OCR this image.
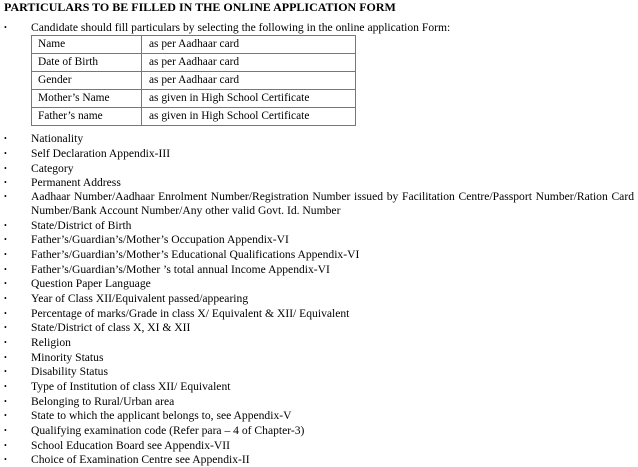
PARTICULARS TO BE FILLED IN THE ONLINE APPLICATION FORM
• Candidate should fill particulars by selecting the following in the online application Form:
Name	as per Aadhaar card
Date of Birth	as per Aadhaar card
Gender	as per Aadhaar card
Mother’s Name	as given in High School Certificate
Father’s name	as given in High School Certificate
• Nationality
• Self Declaration Appendix-III
• Category
• Permanent Address
• Aadhaar Number/Aadhaar Enrolment Number/Registration Number issued by Facilitation Centre/Passport Number/Ration Card Number/Bank Account Number/Any other valid Govt. Id. Number
• State/District of Birth
• Father’s/Guardian’s/Mother’s Occupation Appendix-VI
• Father’s/Guardian’s/Mother’s Educational Qualifications Appendix-VI
• Father’s/Guardian’s/Mother ’s total annual Income Appendix-VI
• Question Paper Language
• Year of Class XII/Equivalent passed/appearing
• Percentage of marks/Grade in class X/ Equivalent & XII/ Equivalent
• State/District of class X, XI & XII
• Religion
• Minority Status
• Disability Status
• Type of Institution of class XII/ Equivalent
• Belonging to Rural/Urban area
• State to which the applicant belongs to, see Appendix-V
• Qualifying examination code (Refer para – 4 of Chapter-3)
• School Education Board see Appendix-VII
• Choice of Examination Centre see Appendix-II
